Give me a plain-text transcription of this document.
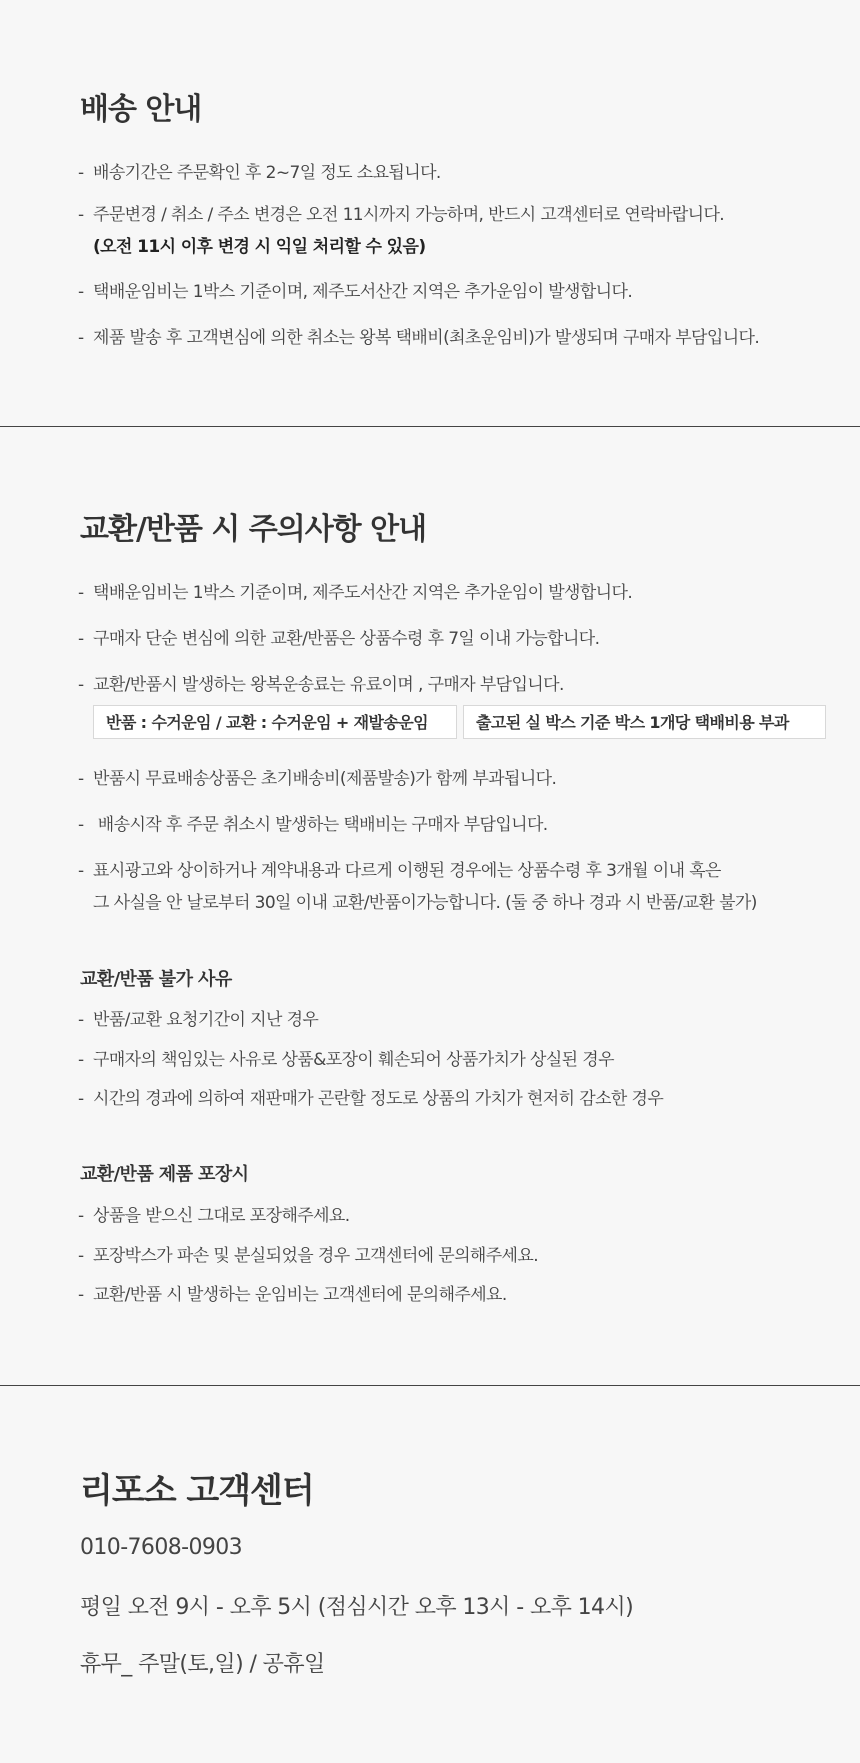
배송 안내
- 배송기간은 주문확인 후 2~7일 정도 소요됩니다.
- 주문변경 / 취소 / 주소 변경은 오전 11시까지 가능하며, 반드시 고객센터로 연락바랍니다.
(오전 11시 이후 변경 시 익일 처리할 수 있음)
- 택배운임비는 1박스 기준이며, 제주도서산간 지역은 추가운임이 발생합니다.
- 제품 발송 후 고객변심에 의한 취소는 왕복 택배비(최초운임비)가 발생되며 구매자 부담입니다.
교환/반품 시 주의사항 안내
- 택배운임비는 1박스 기준이며, 제주도서산간 지역은 추가운임이 발생합니다.
- 구매자 단순 변심에 의한 교환/반품은 상품수령 후 7일 이내 가능합니다.
- 교환/반품시 발생하는 왕복운송료는 유료이며 , 구매자 부담입니다.
반품 : 수거운임 / 교환 : 수거운임 + 재발송운임	출고된 실 박스 기준 박스 1개당 택배비용 부과
- 반품시 무료배송상품은 초기배송비(제품발송)가 함께 부과됩니다.
- 배송시작 후 주문 취소시 발생하는 택배비는 구매자 부담입니다.
- 표시광고와 상이하거나 계약내용과 다르게 이행된 경우에는 상품수령 후 3개월 이내 혹은
그 사실을 안 날로부터 30일 이내 교환/반품이가능합니다. (둘 중 하나 경과 시 반품/교환 불가)
교환/반품 불가 사유
- 반품/교환 요청기간이 지난 경우
- 구매자의 책임있는 사유로 상품&포장이 훼손되어 상품가치가 상실된 경우
- 시간의 경과에 의하여 재판매가 곤란할 정도로 상품의 가치가 현저히 감소한 경우
교환/반품 제품 포장시
- 상품을 받으신 그대로 포장해주세요.
- 포장박스가 파손 및 분실되었을 경우 고객센터에 문의해주세요.
- 교환/반품 시 발생하는 운임비는 고객센터에 문의해주세요.
리포소 고객센터
010-7608-0903
평일 오전 9시 - 오후 5시 (점심시간 오후 13시 - 오후 14시)
휴무_ 주말(토,일) / 공휴일
